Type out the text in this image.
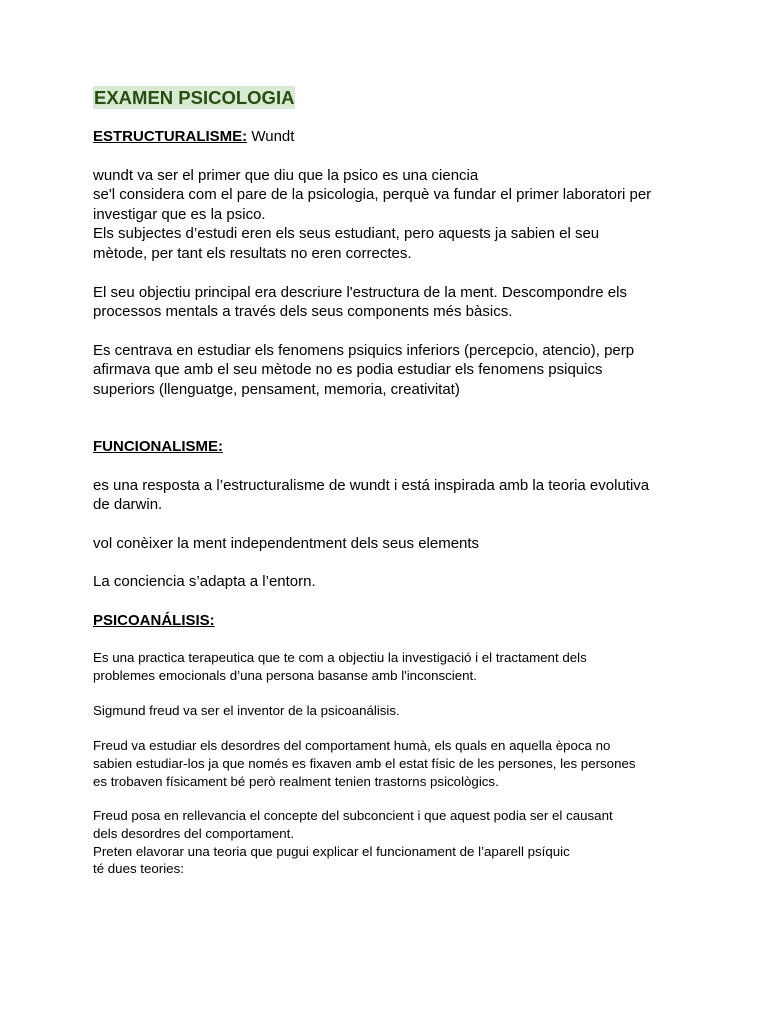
EXAMEN PSICOLOGIA
ESTRUCTURALISME: Wundt
wundt va ser el primer que diu que la psico es una ciencia
se'l considera com el pare de la psicologia, perquè va fundar el primer laboratori per
investigar que es la psico.
Els subjectes d’estudi eren els seus estudiant, pero aquests ja sabien el seu
mètode, per tant els resultats no eren correctes.
El seu objectiu principal era descriure l'estructura de la ment. Descompondre els
processos mentals a través dels seus components més bàsics.
Es centrava en estudiar els fenomens psiquics inferiors (percepcio, atencio), perp
afirmava que amb el seu mètode no es podia estudiar els fenomens psiquics
superiors (llenguatge, pensament, memoria, creativitat)
FUNCIONALISME:
es una resposta a l’estructuralisme de wundt i está inspirada amb la teoria evolutiva
de darwin.
vol conèixer la ment independentment dels seus elements
La conciencia s’adapta a l’entorn.
PSICOANÁLISIS:
Es una practica terapeutica que te com a objectiu la investigació i el tractament dels
problemes emocionals d’una persona basanse amb l'inconscient.
Sigmund freud va ser el inventor de la psicoanálisis.
Freud va estudiar els desordres del comportament humà, els quals en aquella època no
sabien estudiar-los ja que només es fixaven amb el estat físic de les persones, les persones
es trobaven físicament bé però realment tenien trastorns psicològics.
Freud posa en rellevancia el concepte del subconcient i que aquest podia ser el causant
dels desordres del comportament.
Preten elavorar una teoria que pugui explicar el funcionament de l’aparell psíquic
té dues teories:
